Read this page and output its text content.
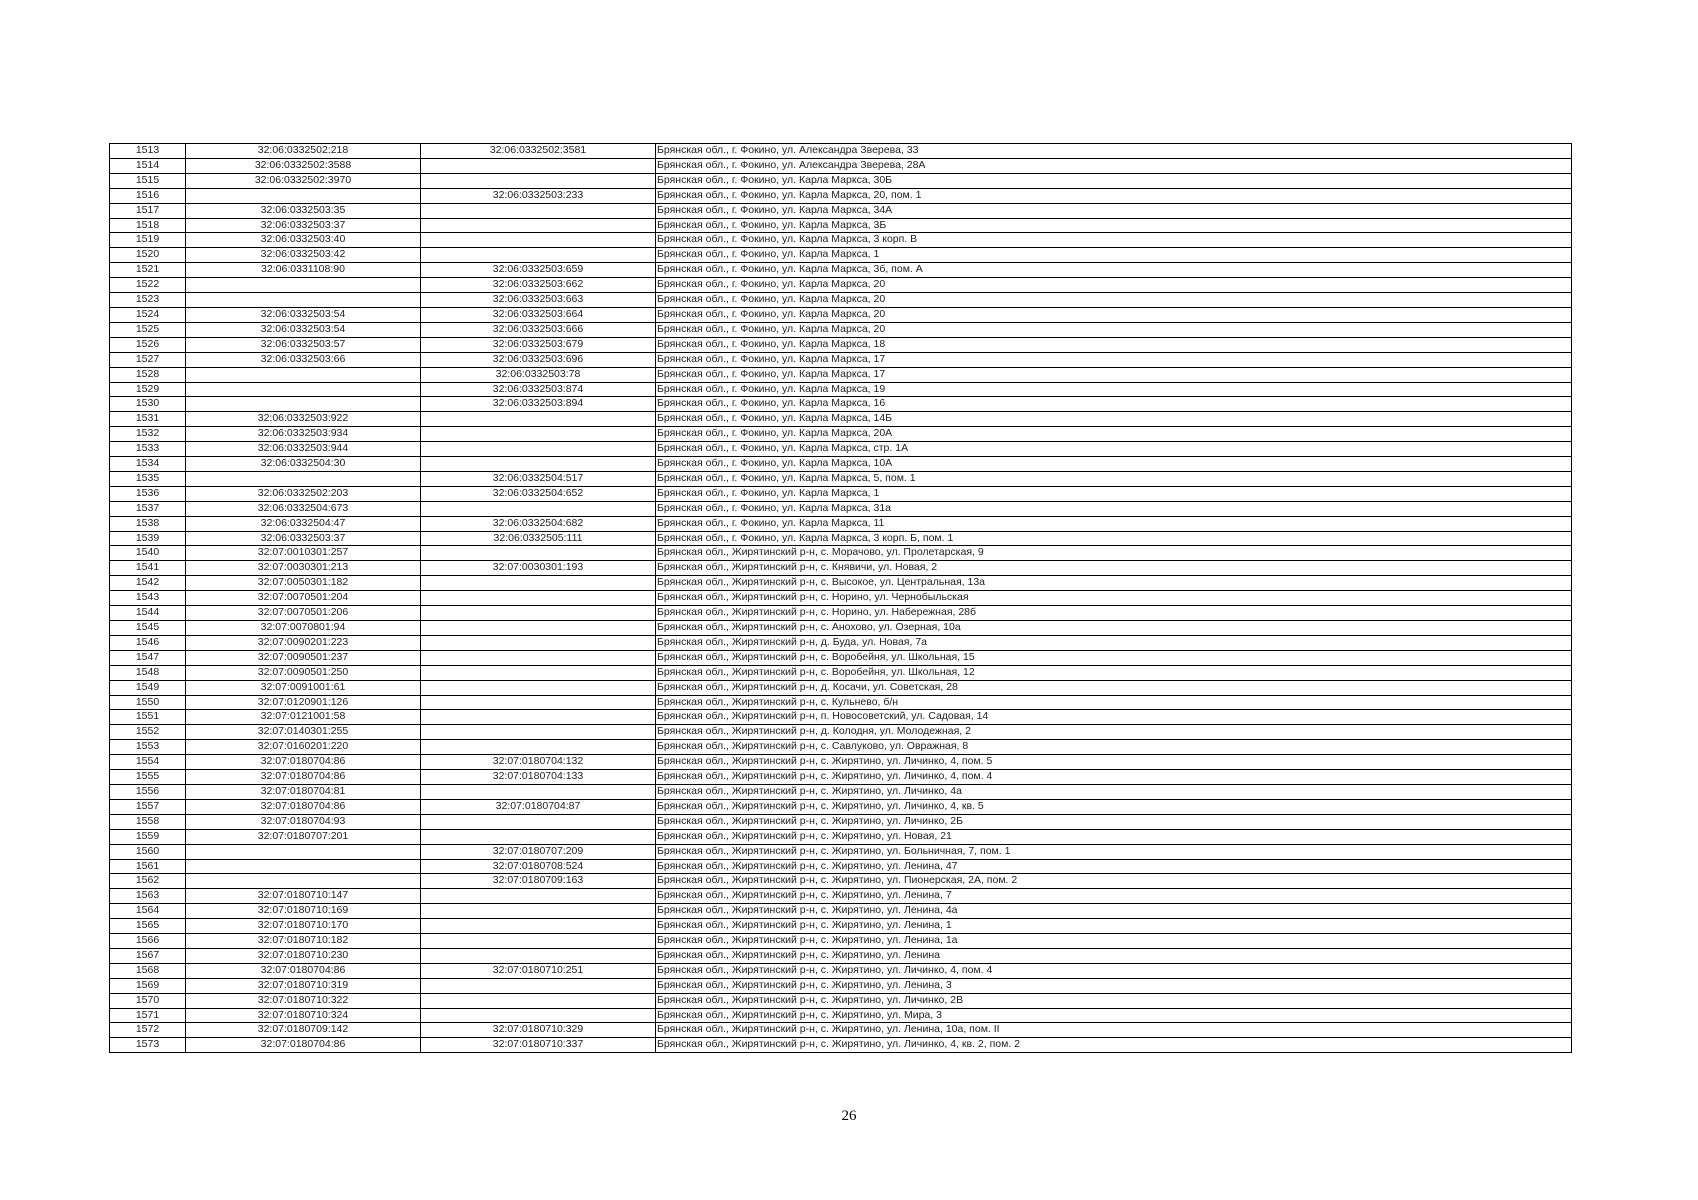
1513	32:06:0332502:218	32:06:0332502:3581	Брянская обл., г. Фокино, ул. Александра Зверева, 33
1514	32:06:0332502:3588		Брянская обл., г. Фокино, ул. Александра Зверева, 28А
1515	32:06:0332502:3970		Брянская обл., г. Фокино, ул. Карла Маркса, 30Б
1516		32:06:0332503:233	Брянская обл., г. Фокино, ул. Карла Маркса, 20, пом. 1
1517	32:06:0332503:35		Брянская обл., г. Фокино, ул. Карла Маркса, 34А
1518	32:06:0332503:37		Брянская обл., г. Фокино, ул. Карла Маркса, 3Б
1519	32:06:0332503:40		Брянская обл., г. Фокино, ул. Карла Маркса, 3 корп. В
1520	32:06:0332503:42		Брянская обл., г. Фокино, ул. Карла Маркса, 1
1521	32:06:0331108:90	32:06:0332503:659	Брянская обл., г. Фокино, ул. Карла Маркса, 3б, пом. А
1522		32:06:0332503:662	Брянская обл., г. Фокино, ул. Карла Маркса, 20
1523		32:06:0332503:663	Брянская обл., г. Фокино, ул. Карла Маркса, 20
1524	32:06:0332503:54	32:06:0332503:664	Брянская обл., г. Фокино, ул. Карла Маркса, 20
1525	32:06:0332503:54	32:06:0332503:666	Брянская обл., г. Фокино, ул. Карла Маркса, 20
1526	32:06:0332503:57	32:06:0332503:679	Брянская обл., г. Фокино, ул. Карла Маркса, 18
1527	32:06:0332503:66	32:06:0332503:696	Брянская обл., г. Фокино, ул. Карла Маркса, 17
1528		32:06:0332503:78	Брянская обл., г. Фокино, ул. Карла Маркса, 17
1529		32:06:0332503:874	Брянская обл., г. Фокино, ул. Карла Маркса, 19
1530		32:06:0332503:894	Брянская обл., г. Фокино, ул. Карла Маркса, 16
1531	32:06:0332503:922		Брянская обл., г. Фокино, ул. Карла Маркса, 14Б
1532	32:06:0332503:934		Брянская обл., г. Фокино, ул. Карла Маркса, 20А
1533	32:06:0332503:944		Брянская обл., г. Фокино, ул. Карла Маркса, стр. 1А
1534	32:06:0332504:30		Брянская обл., г. Фокино, ул. Карла Маркса, 10А
1535		32:06:0332504:517	Брянская обл., г. Фокино, ул. Карла Маркса, 5, пом. 1
1536	32:06:0332502:203	32:06:0332504:652	Брянская обл., г. Фокино, ул. Карла Маркса, 1
1537	32:06:0332504:673		Брянская обл., г. Фокино, ул. Карла Маркса, 31а
1538	32:06:0332504:47	32:06:0332504:682	Брянская обл., г. Фокино, ул. Карла Маркса, 11
1539	32:06:0332503:37	32:06:0332505:111	Брянская обл., г. Фокино, ул. Карла Маркса, 3 корп. Б, пом. 1
1540	32:07:0010301:257		Брянская обл., Жирятинский р-н, с. Морачово, ул. Пролетарская, 9
1541	32:07:0030301:213	32:07:0030301:193	Брянская обл., Жирятинский р-н, с. Княвичи, ул. Новая, 2
1542	32:07:0050301:182		Брянская обл., Жирятинский р-н, с. Высокое, ул. Центральная, 13а
1543	32:07:0070501:204		Брянская обл., Жирятинский р-н, с. Норино, ул. Чернобыльская
1544	32:07:0070501:206		Брянская обл., Жирятинский р-н, с. Норино, ул. Набережная, 28б
1545	32:07:0070801:94		Брянская обл., Жирятинский р-н, с. Анохово, ул. Озерная, 10а
1546	32:07:0090201:223		Брянская обл., Жирятинский р-н, д. Буда, ул. Новая, 7а
1547	32:07:0090501:237		Брянская обл., Жирятинский р-н, с. Воробейня, ул. Школьная, 15
1548	32:07:0090501:250		Брянская обл., Жирятинский р-н, с. Воробейня, ул. Школьная, 12
1549	32:07:0091001:61		Брянская обл., Жирятинский р-н, д. Косачи, ул. Советская, 28
1550	32:07:0120901:126		Брянская обл., Жирятинский р-н, с. Кульнево, б/н
1551	32:07:0121001:58		Брянская обл., Жирятинский р-н, п. Новосоветский, ул. Садовая, 14
1552	32:07:0140301:255		Брянская обл., Жирятинский р-н, д. Колодня, ул. Молодежная, 2
1553	32:07:0160201:220		Брянская обл., Жирятинский р-н, с. Савлуково, ул. Овражная, 8
1554	32:07:0180704:86	32:07:0180704:132	Брянская обл., Жирятинский р-н, с. Жирятино, ул. Личинко, 4, пом. 5
1555	32:07:0180704:86	32:07:0180704:133	Брянская обл., Жирятинский р-н, с. Жирятино, ул. Личинко, 4, пом. 4
1556	32:07:0180704:81		Брянская обл., Жирятинский р-н, с. Жирятино, ул. Личинко, 4а
1557	32:07:0180704:86	32:07:0180704:87	Брянская обл., Жирятинский р-н, с. Жирятино, ул. Личинко, 4, кв. 5
1558	32:07:0180704:93		Брянская обл., Жирятинский р-н, с. Жирятино, ул. Личинко, 2Б
1559	32:07:0180707:201		Брянская обл., Жирятинский р-н, с. Жирятино, ул. Новая, 21
1560		32:07:0180707:209	Брянская обл., Жирятинский р-н, с. Жирятино, ул. Больничная, 7, пом. 1
1561		32:07:0180708:524	Брянская обл., Жирятинский р-н, с. Жирятино, ул. Ленина, 47
1562		32:07:0180709:163	Брянская обл., Жирятинский р-н, с. Жирятино, ул. Пионерская, 2А, пом. 2
1563	32:07:0180710:147		Брянская обл., Жирятинский р-н, с. Жирятино, ул. Ленина, 7
1564	32:07:0180710:169		Брянская обл., Жирятинский р-н, с. Жирятино, ул. Ленина, 4а
1565	32:07:0180710:170		Брянская обл., Жирятинский р-н, с. Жирятино, ул. Ленина, 1
1566	32:07:0180710:182		Брянская обл., Жирятинский р-н, с. Жирятино, ул. Ленина, 1а
1567	32:07:0180710:230		Брянская обл., Жирятинский р-н, с. Жирятино, ул. Ленина
1568	32:07:0180704:86	32:07:0180710:251	Брянская обл., Жирятинский р-н, с. Жирятино, ул. Личинко, 4, пом. 4
1569	32:07:0180710:319		Брянская обл., Жирятинский р-н, с. Жирятино, ул. Ленина, 3
1570	32:07:0180710:322		Брянская обл., Жирятинский р-н, с. Жирятино, ул. Личинко, 2В
1571	32:07:0180710:324		Брянская обл., Жирятинский р-н, с. Жирятино, ул. Мира, 3
1572	32:07:0180709:142	32:07:0180710:329	Брянская обл., Жирятинский р-н, с. Жирятино, ул. Ленина, 10а, пом. II
1573	32:07:0180704:86	32:07:0180710:337	Брянская обл., Жирятинский р-н, с. Жирятино, ул. Личинко, 4, кв. 2, пом. 2
26
